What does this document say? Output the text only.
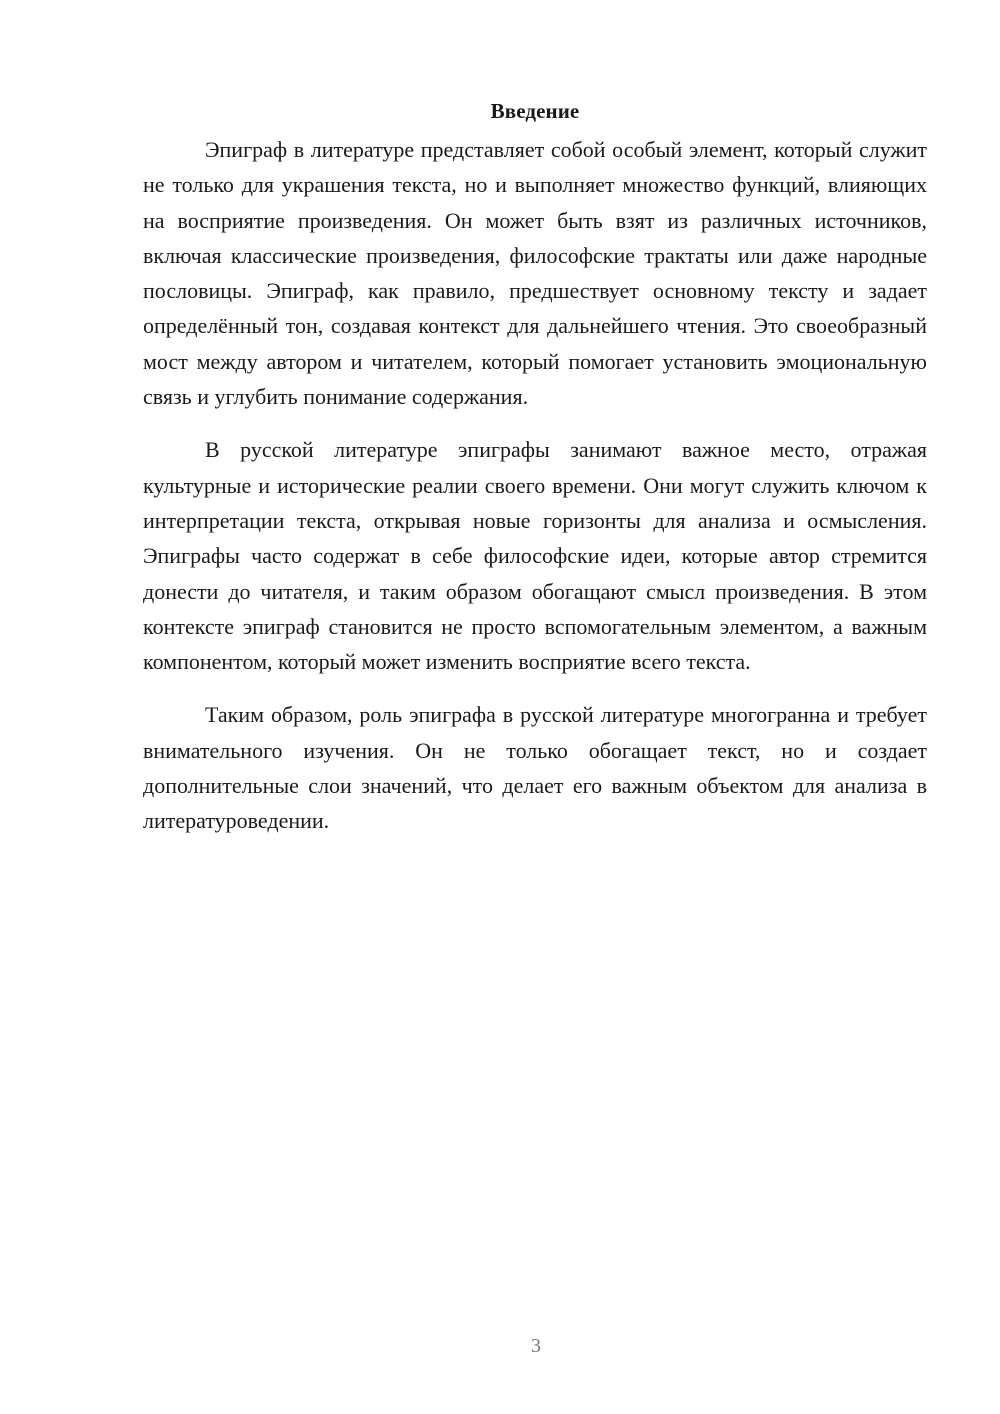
Введение

Эпиграф в литературе представляет собой особый элемент, который служит не только для украшения текста, но и выполняет множество функций, влияющих на восприятие произведения. Он может быть взят из различных источников, включая классические произведения, философские трактаты или даже народные пословицы. Эпиграф, как правило, предшествует основному тексту и задает определённый тон, создавая контекст для дальнейшего чтения. Это своеобразный мост между автором и читателем, который помогает установить эмоциональную связь и углубить понимание содержания.

В русской литературе эпиграфы занимают важное место, отражая культурные и исторические реалии своего времени. Они могут служить ключом к интерпретации текста, открывая новые горизонты для анализа и осмысления. Эпиграфы часто содержат в себе философские идеи, которые автор стремится донести до читателя, и таким образом обогащают смысл произведения. В этом контексте эпиграф становится не просто вспомогательным элементом, а важным компонентом, который может изменить восприятие всего текста.

Таким образом, роль эпиграфа в русской литературе многогранна и требует внимательного изучения. Он не только обогащает текст, но и создает дополнительные слои значений, что делает его важным объектом для анализа в литературоведении.

3
